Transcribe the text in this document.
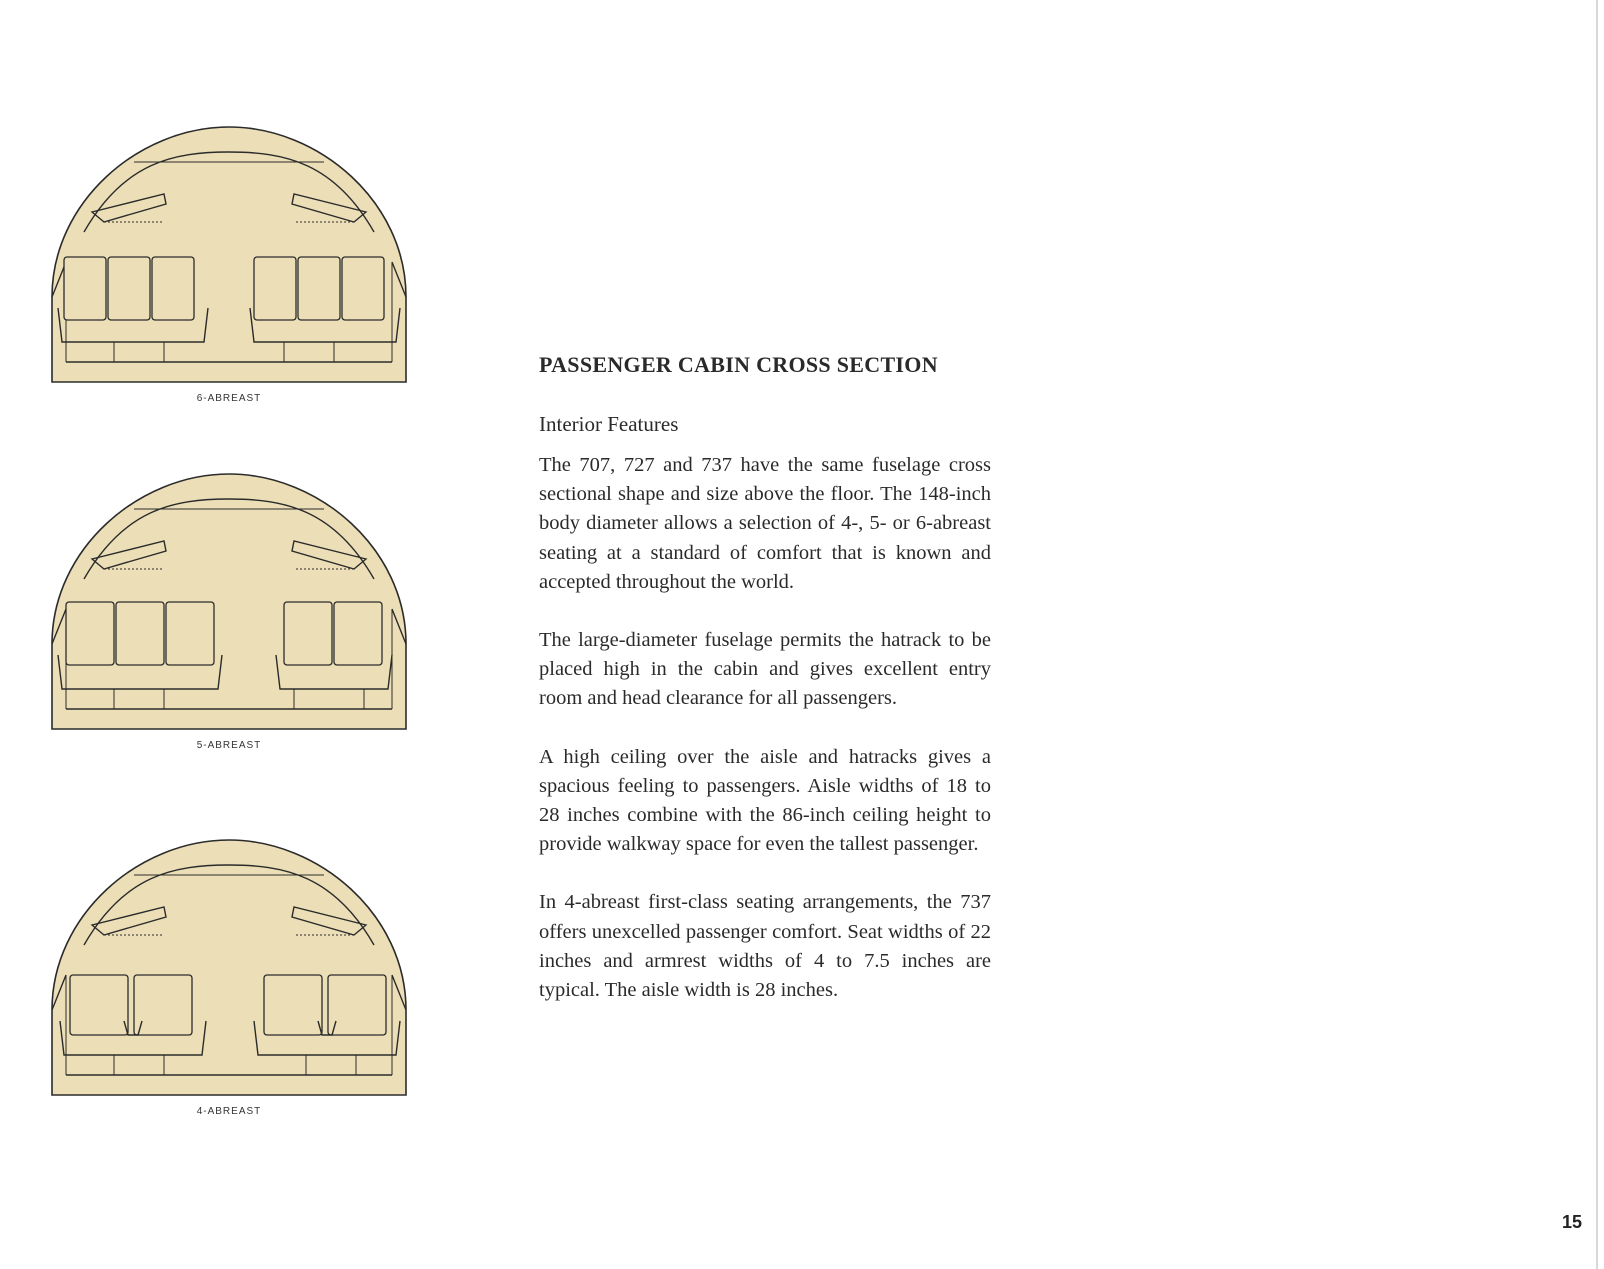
6-ABREAST
5-ABREAST
4-ABREAST
PASSENGER CABIN CROSS SECTION
Interior Features

The 707, 727 and 737 have the same fuselage cross sectional shape and size above the floor. The 148-inch body diameter allows a selection of 4-, 5- or 6-abreast seating at a standard of comfort that is known and accepted throughout the world.

The large-diameter fuselage permits the hatrack to be placed high in the cabin and gives excellent entry room and head clearance for all passengers.

A high ceiling over the aisle and hatracks gives a spacious feeling to passengers. Aisle widths of 18 to 28 inches combine with the 86-inch ceiling height to provide walkway space for even the tallest passenger.

In 4-abreast first-class seating arrangements, the 737 offers unexcelled passenger comfort. Seat widths of 22 inches and armrest widths of 4 to 7.5 inches are typical. The aisle width is 28 inches.

15
